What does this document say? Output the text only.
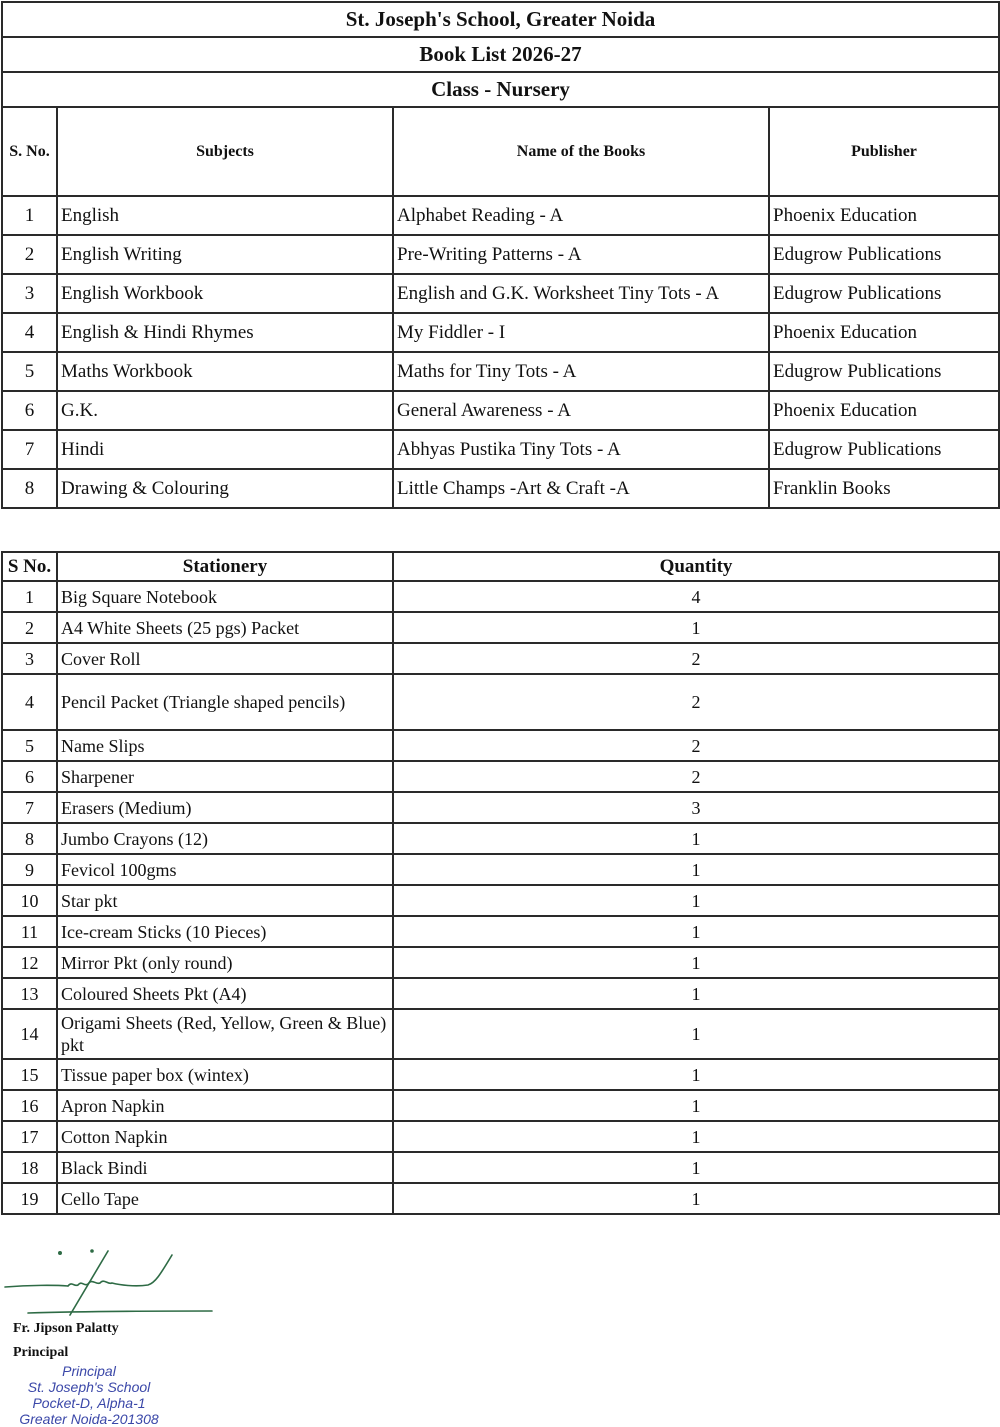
St. Joseph's School, Greater Noida			
Book List 2026-27			
Class - Nursery			
S. No.	Subjects	Name of the Books	Publisher
1	English	Alphabet Reading - A	Phoenix Education
2	English Writing	Pre-Writing Patterns - A	Edugrow Publications
3	English Workbook	English and G.K. Worksheet Tiny Tots - A	Edugrow Publications
4	English & Hindi Rhymes	My Fiddler - I	Phoenix Education
5	Maths Workbook	Maths for Tiny Tots - A	Edugrow Publications
6	G.K.	General Awareness - A	Phoenix Education
7	Hindi	Abhyas Pustika Tiny Tots - A	Edugrow Publications
8	Drawing & Colouring	Little Champs -Art & Craft -A	Franklin Books
S No.	Stationery	Quantity
1	Big Square Notebook	4
2	A4 White Sheets (25 pgs) Packet	1
3	Cover Roll	2
4	Pencil Packet (Triangle shaped pencils)	2
5	Name Slips	2
6	Sharpener	2
7	Erasers (Medium)	3
8	Jumbo Crayons (12)	1
9	Fevicol 100gms	1
10	Star pkt	1
11	Ice-cream Sticks (10 Pieces)	1
12	Mirror Pkt (only round)	1
13	Coloured Sheets Pkt (A4)	1
14	Origami Sheets (Red, Yellow, Green & Blue) pkt	1
15	Tissue paper box (wintex)	1
16	Apron Napkin	1
17	Cotton Napkin	1
18	Black Bindi	1
19	Cello Tape	1
Fr. Jipson Palatty
Principal
Principal
St. Joseph's School
Pocket-D, Alpha-1
Greater Noida-201308
